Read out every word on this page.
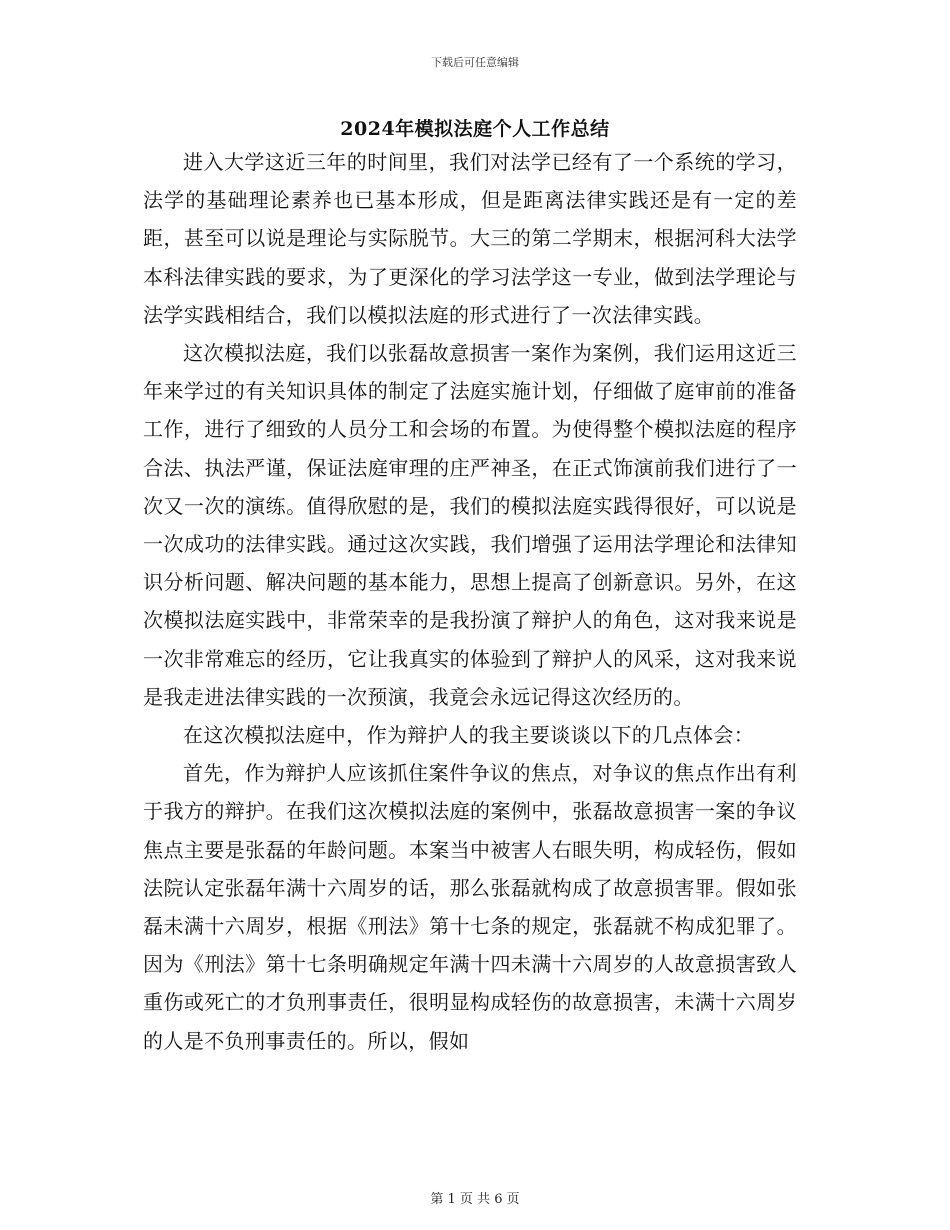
下载后可任意编辑
2024年模拟法庭个人工作总结

进入大学这近三年的时间里，我们对法学已经有了一个系统的学习，法学的基础理论素养也已基本形成，但是距离法律实践还是有一定的差距，甚至可以说是理论与实际脱节。大三的第二学期末，根据河科大法学本科法律实践的要求，为了更深化的学习法学这一专业，做到法学理论与法学实践相结合，我们以模拟法庭的形式进行了一次法律实践。

这次模拟法庭，我们以张磊故意损害一案作为案例，我们运用这近三年来学过的有关知识具体的制定了法庭实施计划，仔细做了庭审前的准备工作，进行了细致的人员分工和会场的布置。为使得整个模拟法庭的程序合法、执法严谨，保证法庭审理的庄严神圣，在正式饰演前我们进行了一次又一次的演练。值得欣慰的是，我们的模拟法庭实践得很好，可以说是一次成功的法律实践。通过这次实践，我们增强了运用法学理论和法律知识分析问题、解决问题的基本能力，思想上提高了创新意识。另外，在这次模拟法庭实践中，非常荣幸的是我扮演了辩护人的角色，这对我来说是一次非常难忘的经历，它让我真实的体验到了辩护人的风采，这对我来说是我走进法律实践的一次预演，我竟会永远记得这次经历的。

在这次模拟法庭中，作为辩护人的我主要谈谈以下的几点体会：

首先，作为辩护人应该抓住案件争议的焦点，对争议的焦点作出有利于我方的辩护。在我们这次模拟法庭的案例中，张磊故意损害一案的争议焦点主要是张磊的年龄问题。本案当中被害人右眼失明，构成轻伤，假如法院认定张磊年满十六周岁的话，那么张磊就构成了故意损害罪。假如张磊未满十六周岁，根据《刑法》第十七条的规定，张磊就不构成犯罪了。因为《刑法》第十七条明确规定年满十四未满十六周岁的人故意损害致人重伤或死亡的才负刑事责任，很明显构成轻伤的故意损害，未满十六周岁的人是不负刑事责任的。所以，假如

第 1 页 共 6 页
